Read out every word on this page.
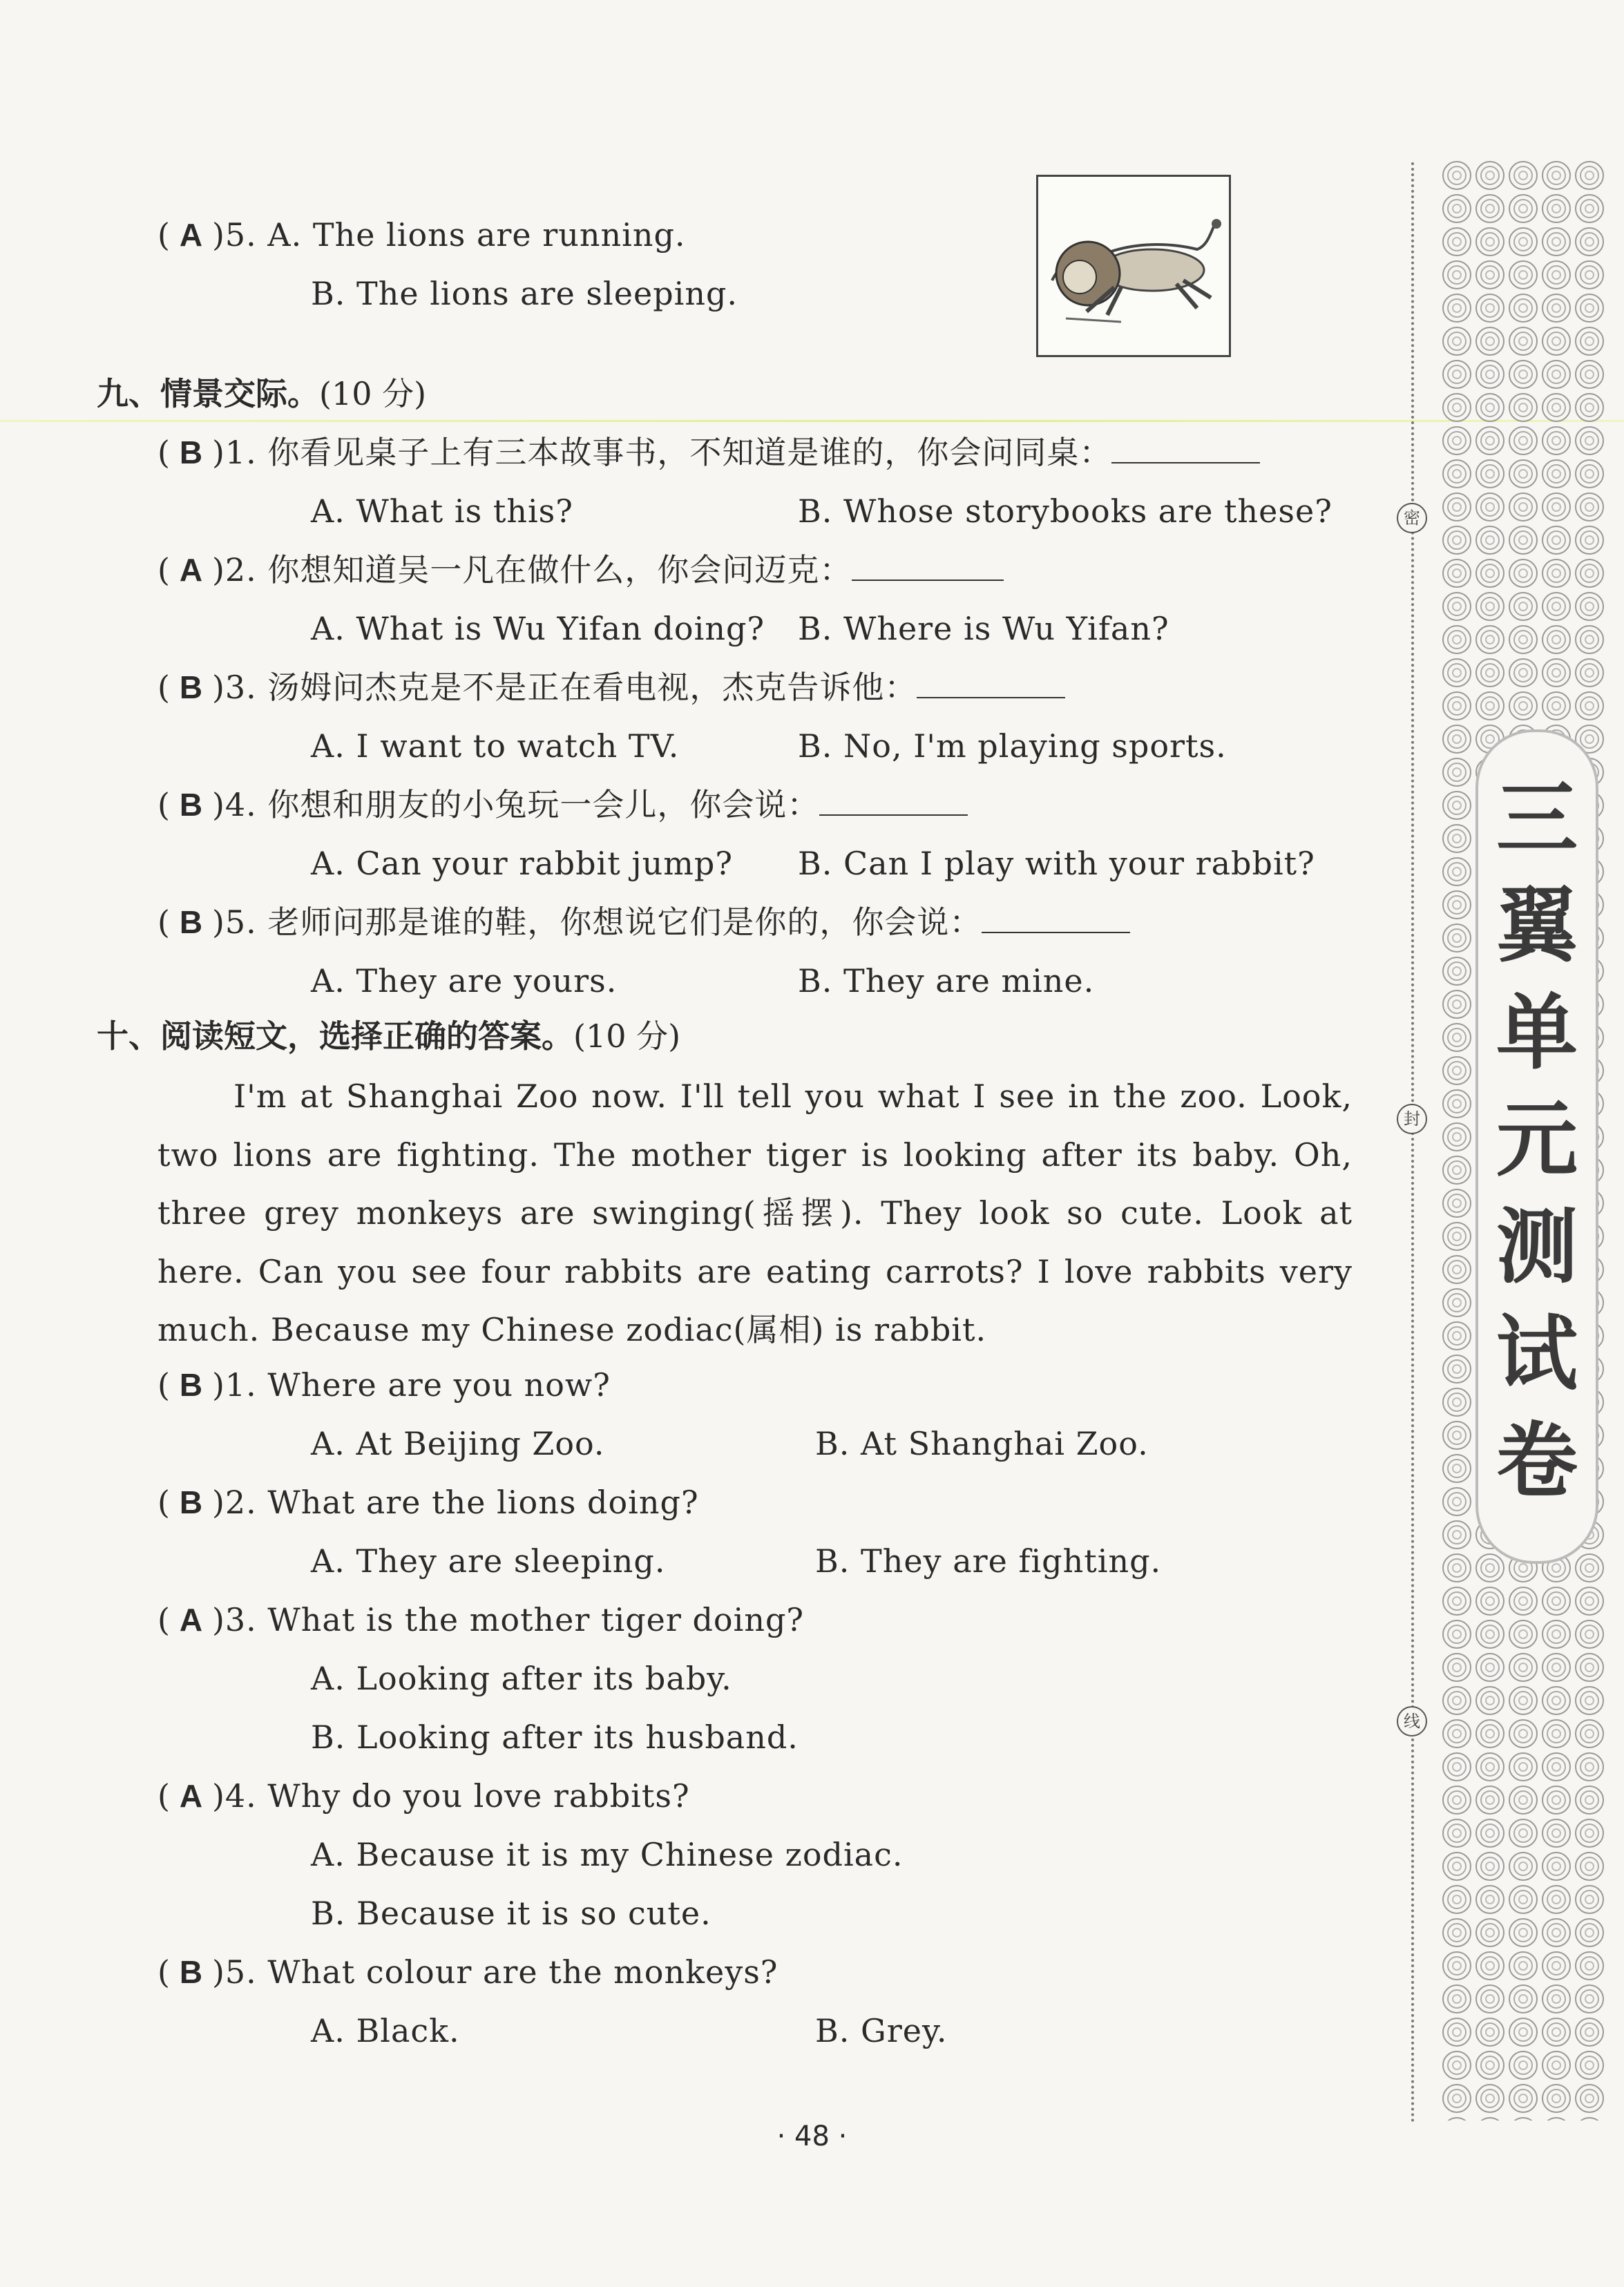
( A )5. A. The lions are running.
B. The lions are sleeping.
九、情景交际。(10 分)
( B )1. 你看见桌子上有三本故事书，不知道是谁的，你会问同桌：
A. What is this?	B. Whose storybooks are these?
( A )2. 你想知道吴一凡在做什么，你会问迈克：
A. What is Wu Yifan doing? B. Where is Wu Yifan?
( B )3. 汤姆问杰克是不是正在看电视，杰克告诉他：
A. I want to watch TV.	B. No, I'm playing sports.
( B )4. 你想和朋友的小兔玩一会儿，你会说：
A. Can your rabbit jump? B. Can I play with your rabbit?
( B )5. 老师问那是谁的鞋，你想说它们是你的，你会说：
A. They are yours.	B. They are mine.
十、阅读短文，选择正确的答案。(10 分)
I'm at Shanghai Zoo now. I'll tell you what I see in the zoo. Look, two lions are fighting. The mother tiger is looking after its baby. Oh, three grey monkeys are swinging(摇摆). They look so cute. Look at here. Can you see four rabbits are eating carrots? I love rabbits very much. Because my Chinese zodiac(属相) is rabbit.
( B )1. Where are you now?
A. At Beijing Zoo.	B. At Shanghai Zoo.
( B )2. What are the lions doing?
A. They are sleeping.	B. They are fighting.
( A )3. What is the mother tiger doing?
A. Looking after its baby.
B. Looking after its husband.
( A )4. Why do you love rabbits?
A. Because it is my Chinese zodiac.
B. Because it is so cute.
( B )5. What colour are the monkeys?
A. Black.	B. Grey.
密
封
线
三
翼
单
元
测
试
卷
· 48 ·
